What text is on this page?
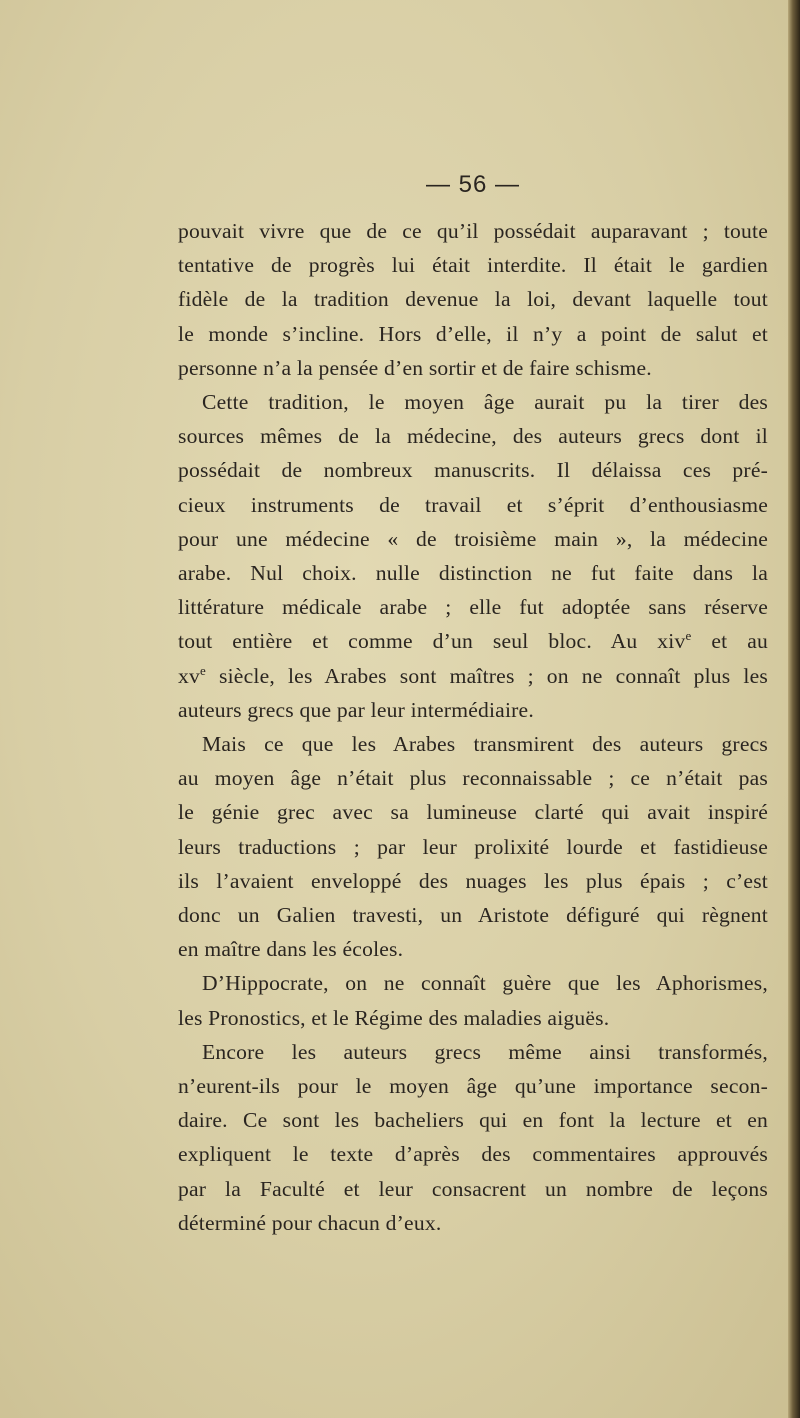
— 56 —

pouvait vivre que de ce qu’il possédait auparavant ; toute
tentative de progrès lui était interdite. Il était le gardien
fidèle de la tradition devenue la loi, devant laquelle tout
le monde s’incline. Hors d’elle, il n’y a point de salut et
personne n’a la pensée d’en sortir et de faire schisme.

Cette tradition, le moyen âge aurait pu la tirer des
sources mêmes de la médecine, des auteurs grecs dont il
possédait de nombreux manuscrits. Il délaissa ces pré-
cieux instruments de travail et s’éprit d’enthousiasme
pour une médecine « de troisième main », la médecine
arabe. Nul choix. nulle distinction ne fut faite dans la
littérature médicale arabe ; elle fut adoptée sans réserve
tout entière et comme d’un seul bloc. Au xiv$^e$ et au
$xv^e$ siècle, les Arabes sont maîtres ; on ne connaît plus les
auteurs grecs que par leur intermédiaire.

Mais ce que les Arabes transmirent des auteurs grecs
au moyen âge n’était plus reconnaissable ; ce n’était pas
le génie grec avec sa lumineuse clarté qui avait inspiré
leurs traductions ; par leur prolixité lourde et fastidieuse
ils l’avaient enveloppé des nuages les plus épais ; c’est
donc un Galien travesti, un Aristote défiguré qui règnent
en maître dans les écoles.

D’Hippocrate, on ne connaît guère que les Aphorismes,
les Pronostics, et le Régime des maladies aiguës.

Encore les auteurs grecs même ainsi transformés,
n’eurent-ils pour le moyen âge qu’une importance secon-
daire. Ce sont les bacheliers qui en font la lecture et en
expliquent le texte d’après des commentaires approuvés
par la Faculté et leur consacrent un nombre de leçons
déterminé pour chacun d’eux.
